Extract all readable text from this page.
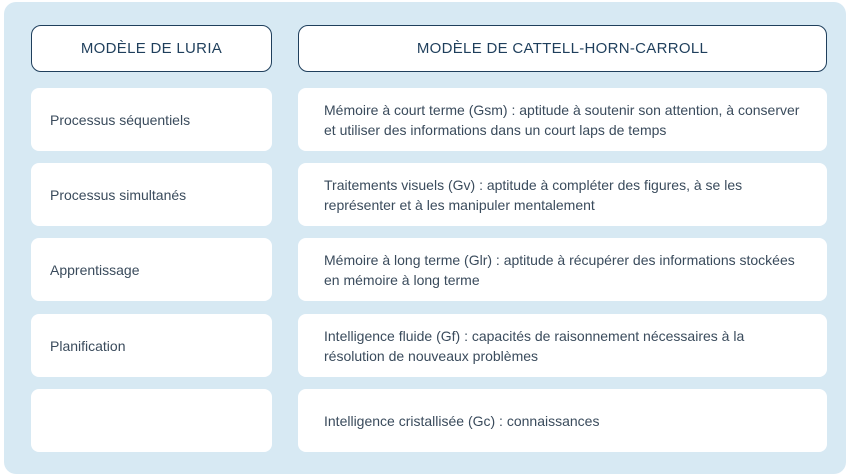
MODÈLE DE LURIA	MODÈLE DE CATTELL-HORN-CARROLL
Processus séquentiels
Mémoire à court terme (Gsm) : aptitude à soutenir son attention, à conserver et utiliser des informations dans un court laps de temps
Processus simultanés
Traitements visuels (Gv) : aptitude à compléter des figures, à se les représenter et à les manipuler mentalement
Apprentissage
Mémoire à long terme (Glr) : aptitude à récupérer des informations stockées en mémoire à long terme
Planification
Intelligence fluide (Gf) : capacités de raisonnement nécessaires à la résolution de nouveaux problèmes
Intelligence cristallisée (Gc) : connaissances
